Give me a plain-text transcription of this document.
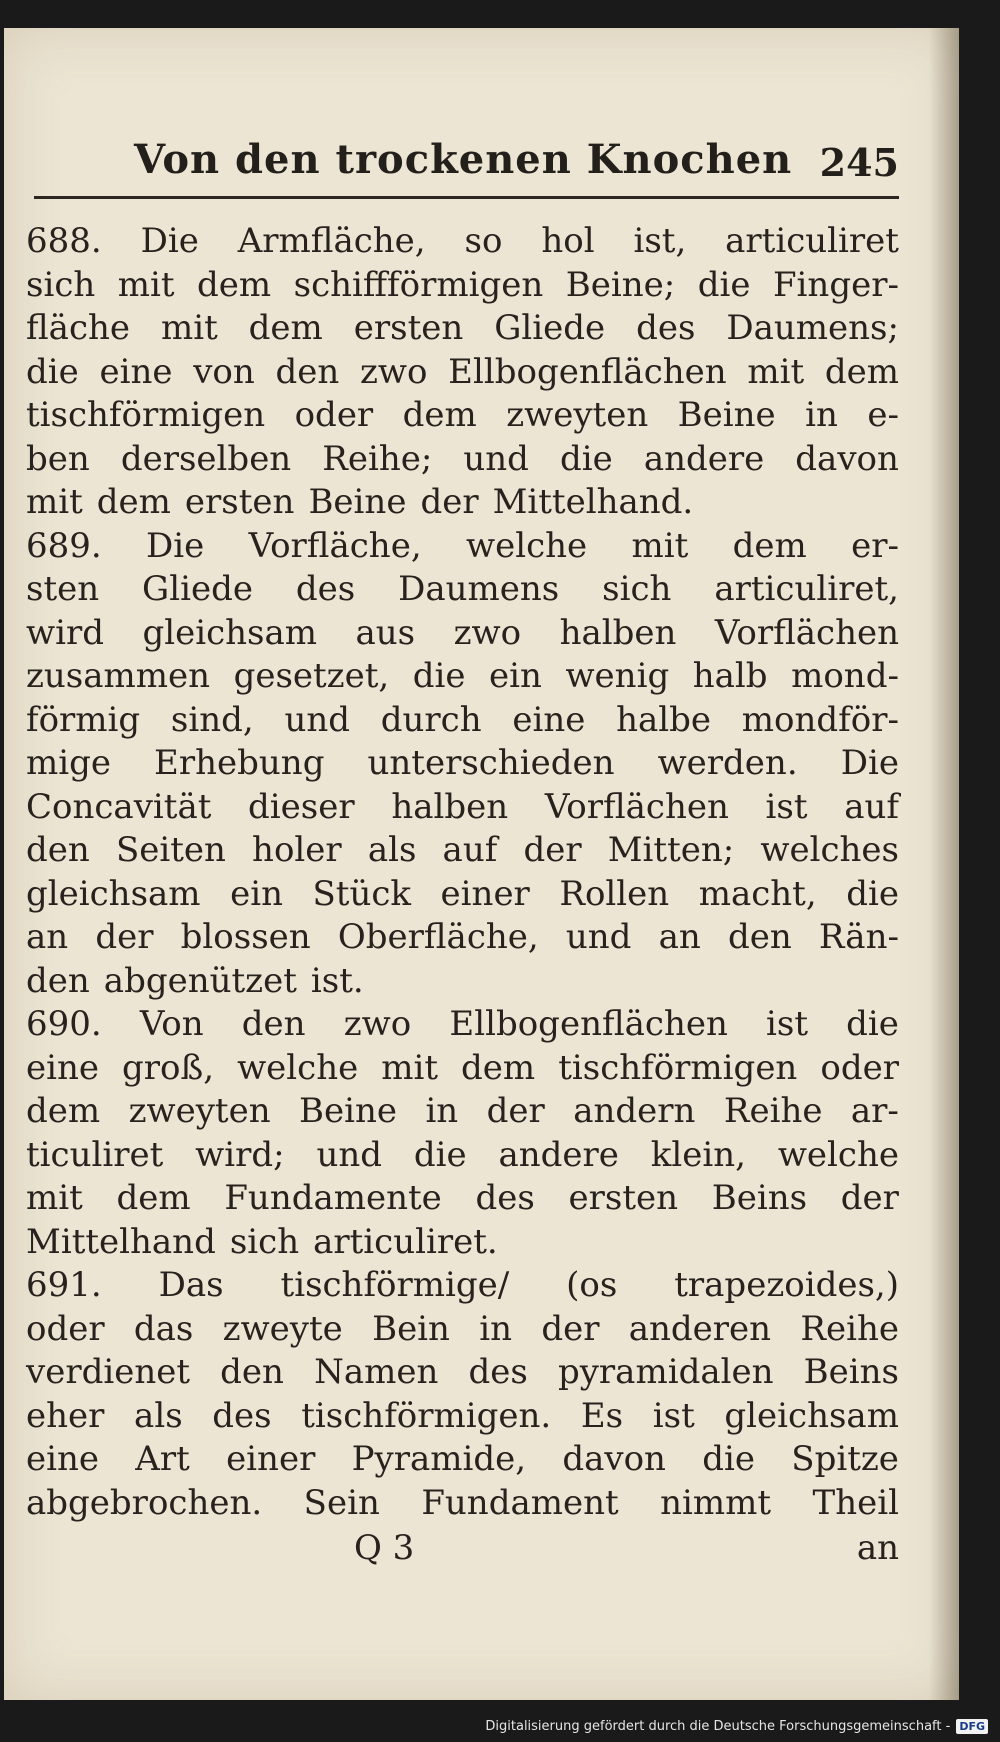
Von den trockenen Knochen 245
688. Die Armfläche, so hol ist, articuliret
sich mit dem schiffförmigen Beine; die Finger-
fläche mit dem ersten Gliede des Daumens;
die eine von den zwo Ellbogenflächen mit dem
tischförmigen oder dem zweyten Beine in e-
ben derselben Reihe; und die andere davon
mit dem ersten Beine der Mittelhand.
689. Die Vorfläche, welche mit dem er-
sten Gliede des Daumens sich articuliret,
wird gleichsam aus zwo halben Vorflächen
zusammen gesetzet, die ein wenig halb mond-
förmig sind, und durch eine halbe mondför-
mige Erhebung unterschieden werden. Die
Concavität dieser halben Vorflächen ist auf
den Seiten holer als auf der Mitten; welches
gleichsam ein Stück einer Rollen macht, die
an der blossen Oberfläche, und an den Rän-
den abgenützet ist.
690. Von den zwo Ellbogenflächen ist die
eine groß, welche mit dem tischförmigen oder
dem zweyten Beine in der andern Reihe ar-
ticuliret wird; und die andere klein, welche
mit dem Fundamente des ersten Beins der
Mittelhand sich articuliret.
691. Das tischförmige/ (os trapezoides,)
oder das zweyte Bein in der anderen Reihe
verdienet den Namen des pyramidalen Beins
eher als des tischförmigen. Es ist gleichsam
eine Art einer Pyramide, davon die Spitze
abgebrochen. Sein Fundament nimmt Theil
Q 3	an
Digitalisierung gefördert durch die Deutsche Forschungsgemeinschaft - DFG
